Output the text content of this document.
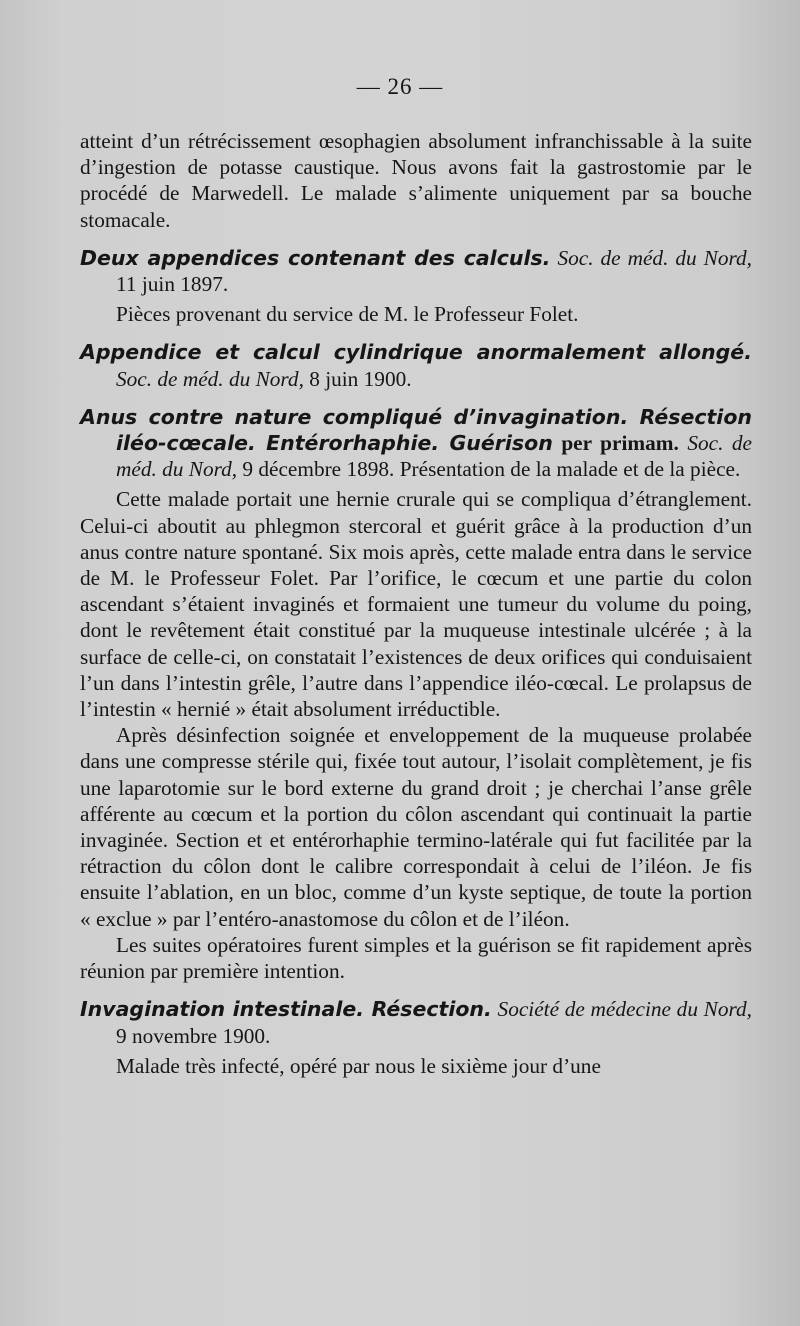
— 26 —

atteint d’un rétrécissement œsophagien absolument infranchissable à la suite d’ingestion de potasse caustique. Nous avons fait la gastrostomie par le procédé de Marwedell. Le malade s’alimente uniquement par sa bouche stomacale.

Deux appendices contenant des calculs. Soc. de méd. du Nord, 11 juin 1897.

Pièces provenant du service de M. le Professeur Folet.

Appendice et calcul cylindrique anormalement allongé. Soc. de méd. du Nord, 8 juin 1900.

Anus contre nature compliqué d’invagination. Résection iléo-cœcale. Entérorhaphie. Guérison per primam. Soc. de méd. du Nord, 9 décembre 1898. Présentation de la malade et de la pièce.

Cette malade portait une hernie crurale qui se compliqua d’étranglement. Celui-ci aboutit au phlegmon stercoral et guérit grâce à la production d’un anus contre nature spontané. Six mois après, cette malade entra dans le service de M. le Professeur Folet. Par l’orifice, le cœcum et une partie du colon ascendant s’étaient invaginés et formaient une tumeur du volume du poing, dont le revêtement était constitué par la muqueuse intestinale ulcérée ; à la surface de celle-ci, on constatait l’existences de deux orifices qui conduisaient l’un dans l’intestin grêle, l’autre dans l’appendice iléo-cœcal. Le prolapsus de l’intestin « hernié » était absolument irréductible.

Après désinfection soignée et enveloppement de la muqueuse prolabée dans une compresse stérile qui, fixée tout autour, l’isolait complètement, je fis une laparotomie sur le bord externe du grand droit ; je cherchai l’anse grêle afférente au cœcum et la portion du côlon ascendant qui continuait la partie invaginée. Section et et entérorhaphie termino-latérale qui fut facilitée par la rétraction du côlon dont le calibre correspondait à celui de l’iléon. Je fis ensuite l’ablation, en un bloc, comme d’un kyste septique, de toute la portion « exclue » par l’entéro-anastomose du côlon et de l’iléon.

Les suites opératoires furent simples et la guérison se fit rapidement après réunion par première intention.

Invagination intestinale. Résection. Société de médecine du Nord, 9 novembre 1900.

Malade très infecté, opéré par nous le sixième jour d’une
